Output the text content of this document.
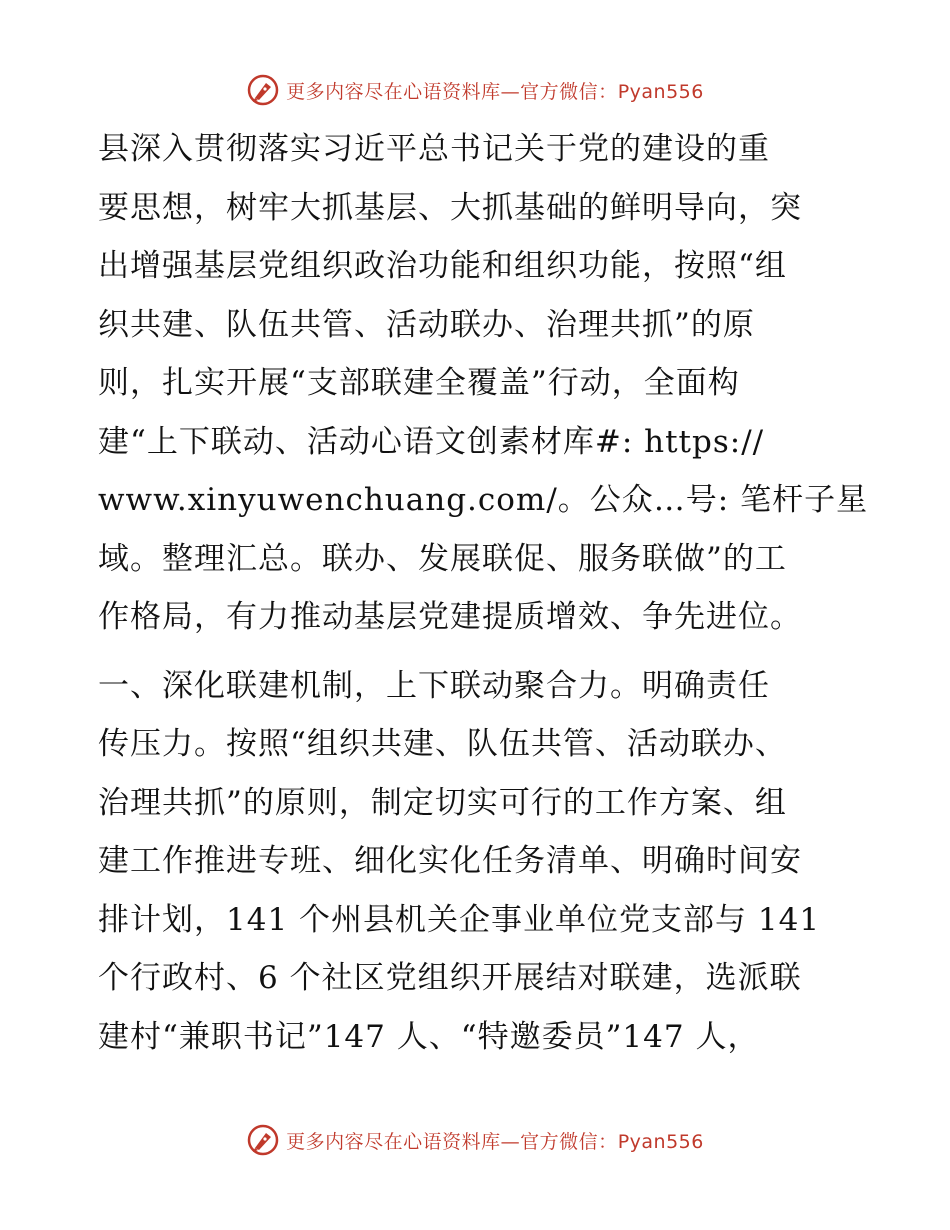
更多内容尽在心语资料库—官方微信：Pyan556
县深入贯彻落实习近平总书记关于党的建设的重
要思想，树牢大抓基层、大抓基础的鲜明导向，突
出增强基层党组织政治功能和组织功能，按照“组
织共建、队伍共管、活动联办、治理共抓”的原
则，扎实开展“支部联建全覆盖”行动，全面构
建“上下联动、活动心语文创素材库#: https://
www.xinyuwenchuang.com/。公众…号: 笔杆子星
域。整理汇总。联办、发展联促、服务联做”的工
作格局，有力推动基层党建提质增效、争先进位。
一、深化联建机制，上下联动聚合力。明确责任
传压力。按照“组织共建、队伍共管、活动联办、
治理共抓”的原则，制定切实可行的工作方案、组
建工作推进专班、细化实化任务清单、明确时间安
排计划，141 个州县机关企事业单位党支部与 141
个行政村、6 个社区党组织开展结对联建，选派联
建村“兼职书记”147 人、“特邀委员”147 人，
更多内容尽在心语资料库—官方微信：Pyan556
